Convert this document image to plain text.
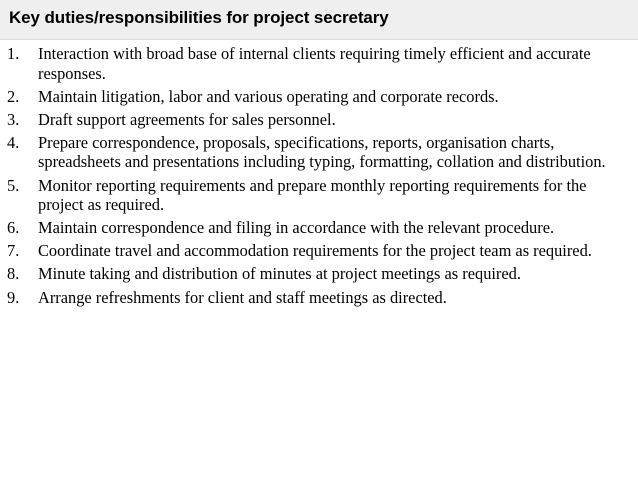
Key duties/responsibilities for project secretary
1.	Interaction with broad base of internal clients requiring timely efficient and accurate responses.
2.	Maintain litigation, labor and various operating and corporate records.
3.	Draft support agreements for sales personnel.
4.	Prepare correspondence, proposals, specifications, reports, organisation charts, spreadsheets and presentations including typing, formatting, collation and distribution.
5.	Monitor reporting requirements and prepare monthly reporting requirements for the project as required.
6.	Maintain correspondence and filing in accordance with the relevant procedure.
7.	Coordinate travel and accommodation requirements for the project team as required.
8.	Minute taking and distribution of minutes at project meetings as required.
9.	Arrange refreshments for client and staff meetings as directed.
